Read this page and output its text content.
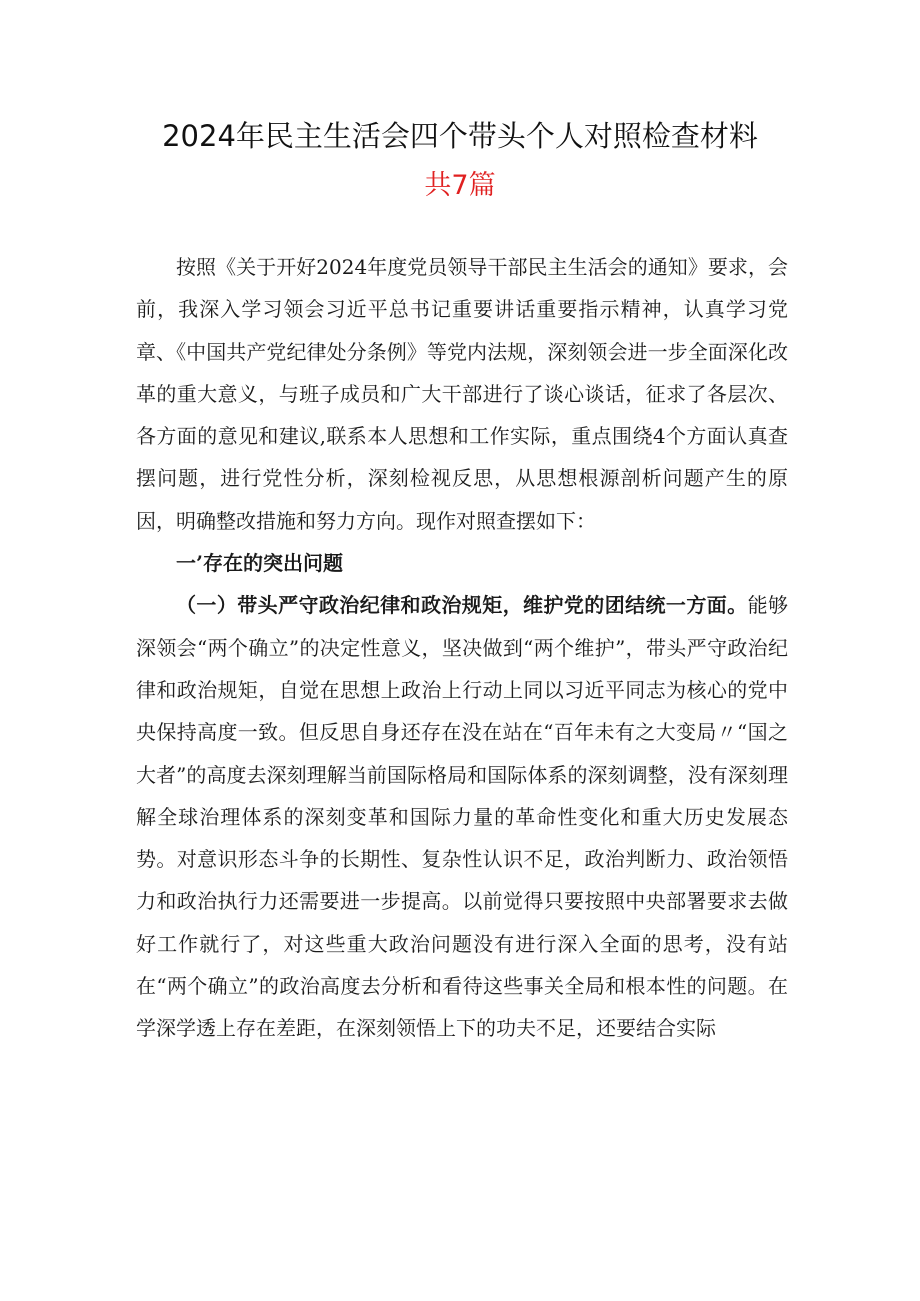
2024年民主生活会四个带头个人对照检查材料
共7篇

按照《关于开好2024年度党员领导干部民主生活会的通知》要求，会前，我深入学习领会习近平总书记重要讲话重要指示精神，认真学习党章、《中国共产党纪律处分条例》等党内法规，深刻领会进一步全面深化改革的重大意义，与班子成员和广大干部进行了谈心谈话，征求了各层次、各方面的意见和建议,联系本人思想和工作实际，重点围绕4个方面认真查摆问题，进行党性分析，深刻检视反思，从思想根源剖析问题产生的原因，明确整改措施和努力方向。现作对照查摆如下：

一’存在的突出问题

（一）带头严守政治纪律和政治规矩，维护党的团结统一方面。能够深领会“两个确立”的决定性意义，坚决做到“两个维护”，带头严守政治纪律和政治规矩，自觉在思想上政治上行动上同以习近平同志为核心的党中央保持高度一致。但反思自身还存在没在站在“百年未有之大变局〃“国之大者”的高度去深刻理解当前国际格局和国际体系的深刻调整，没有深刻理解全球治理体系的深刻变革和国际力量的革命性变化和重大历史发展态势。对意识形态斗争的长期性、复杂性认识不足，政治判断力、政治领悟力和政治执行力还需要进一步提高。以前觉得只要按照中央部署要求去做好工作就行了，对这些重大政治问题没有进行深入全面的思考，没有站在“两个确立”的政治高度去分析和看待这些事关全局和根本性的问题。在学深学透上存在差距，在深刻领悟上下的功夫不足，还要结合实际
